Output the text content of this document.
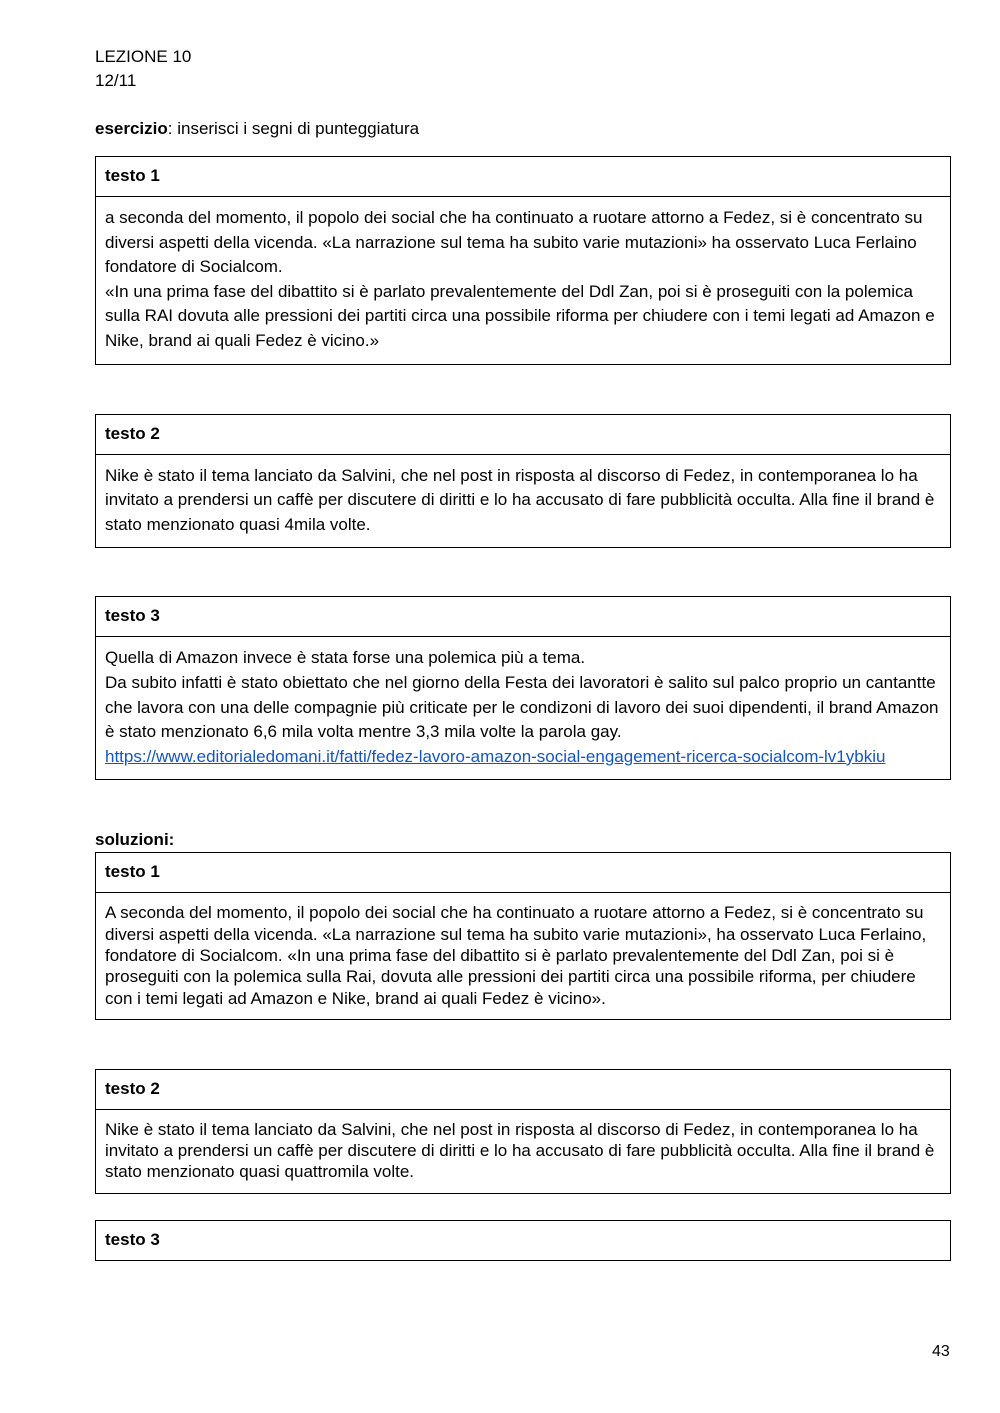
LEZIONE 10
12/11
esercizio: inserisci i segni di punteggiatura
testo 1

a seconda del momento, il popolo dei social che ha continuato a ruotare attorno a Fedez, si è concentrato su diversi aspetti della vicenda. «La narrazione sul tema ha subito varie mutazioni» ha osservato Luca Ferlaino fondatore di Socialcom.

«In una prima fase del dibattito si è parlato prevalentemente del Ddl Zan, poi si è proseguiti con la polemica sulla RAI dovuta alle pressioni dei partiti circa una possibile riforma per chiudere con i temi legati ad Amazon e Nike, brand ai quali Fedez è vicino.»

testo 2

Nike è stato il tema lanciato da Salvini, che nel post in risposta al discorso di Fedez, in contemporanea lo ha invitato a prendersi un caffè per discutere di diritti e lo ha accusato di fare pubblicità occulta. Alla fine il brand è stato menzionato quasi 4mila volte.

testo 3

Quella di Amazon invece è stata forse una polemica più a tema.

Da subito infatti è stato obiettato che nel giorno della Festa dei lavoratori è salito sul palco proprio un cantantte che lavora con una delle compagnie più criticate per le condizoni di lavoro dei suoi dipendenti, il brand Amazon è stato menzionato 6,6 mila volta mentre 3,3 mila volte la parola gay.

https://www.editorialedomani.it/fatti/fedez-lavoro-amazon-social-engagement-ricerca-socialcom-lv1ybkiu

soluzioni:
testo 1

A seconda del momento, il popolo dei social che ha continuato a ruotare attorno a Fedez, si è concentrato su diversi aspetti della vicenda. «La narrazione sul tema ha subito varie mutazioni», ha osservato Luca Ferlaino, fondatore di Socialcom. «In una prima fase del dibattito si è parlato prevalentemente del Ddl Zan, poi si è proseguiti con la polemica sulla Rai, dovuta alle pressioni dei partiti circa una possibile riforma, per chiudere con i temi legati ad Amazon e Nike, brand ai quali Fedez è vicino».

testo 2

Nike è stato il tema lanciato da Salvini, che nel post in risposta al discorso di Fedez, in contemporanea lo ha invitato a prendersi un caffè per discutere di diritti e lo ha accusato di fare pubblicità occulta. Alla fine il brand è stato menzionato quasi quattromila volte.

testo 3
43
